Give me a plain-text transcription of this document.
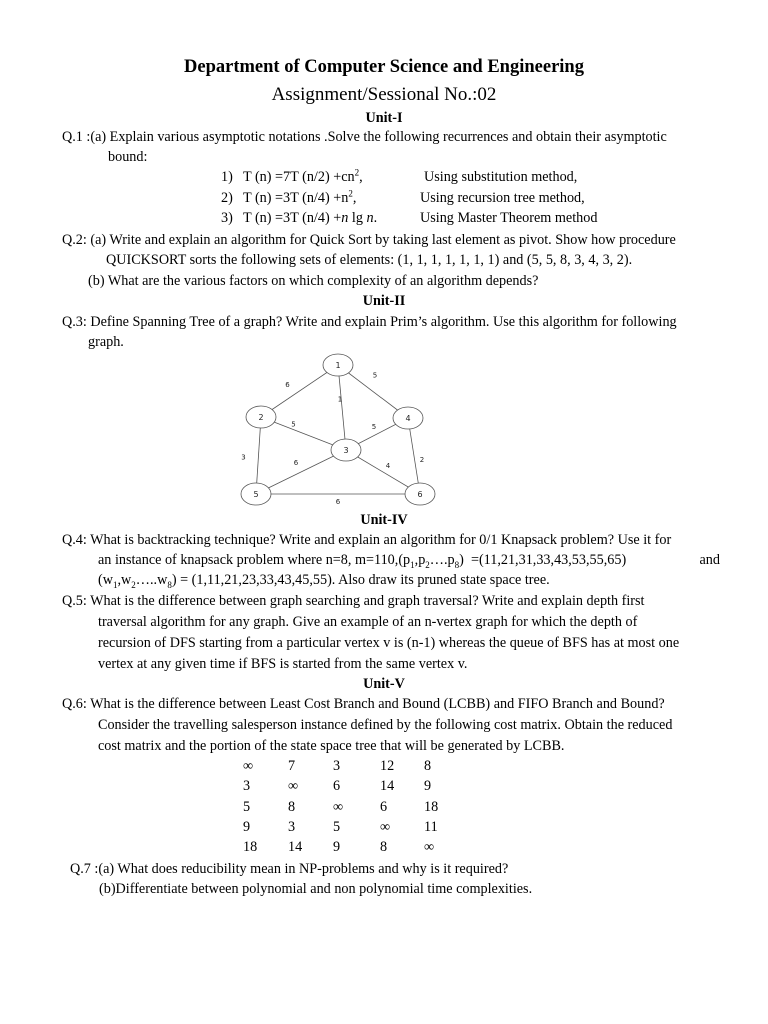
Department of Computer Science and Engineering
Assignment/Sessional No.:02
Unit-I
Q.1 :(a) Explain various asymptotic notations .Solve the following recurrences and obtain their asymptotic
bound:
1) T (n) =7T $(n/2) +cn^2$,	Using substitution method,
2) T (n) =3T $(n/4) +n^2$,	Using recursion tree method,
3) T (n) =3T (n/4) +n lg n.	Using Master Theorem method
Q.2: (a) Write and explain an algorithm for Quick Sort by taking last element as pivot. Show how procedure
QUICKSORT sorts the following sets of elements: (1, 1, 1, 1, 1, 1, 1) and (5, 5, 8, 3, 4, 3, 2).
(b) What are the various factors on which complexity of an algorithm depends?
Unit-II
Q.3: Define Spanning Tree of a graph? Write and explain Prim’s algorithm. Use this algorithm for following
graph.
6
5
1
5	5
3	2
6	4
6
1
2
3
4
5	6
Unit-IV
Q.4: What is backtracking technique? Write and explain an algorithm for 0/1 Knapsack problem? Use it for
an instance of knapsack problem where n=8, $m=110,(p_1,p_2\dots.p_8) =(11,21,31,33,43,53,55,65)$	and
$(w_1,w_2\dots..w_8) = (1,11,21,23,33,43,45,55)$. Also draw its pruned state space tree.
Q.5: What is the difference between graph searching and graph traversal? Write and explain depth first
traversal algorithm for any graph. Give an example of an n-vertex graph for which the depth of
recursion of DFS starting from a particular vertex v is (n-1) whereas the queue of BFS has at most one
vertex at any given time if BFS is started from the same vertex v.
Unit-V
Q.6: What is the difference between Least Cost Branch and Bound (LCBB) and FIFO Branch and Bound?
Consider the travelling salesperson instance defined by the following cost matrix. Obtain the reduced
cost matrix and the portion of the state space tree that will be generated by LCBB.
∞ 7	3	12 8
3	∞ 6	14 9
5	8	∞	6	18
9	3	5	∞ 11
18 14 9	8	∞
Q.7 :(a) What does reducibility mean in NP-problems and why is it required?
(b)Differentiate between polynomial and non polynomial time complexities.
